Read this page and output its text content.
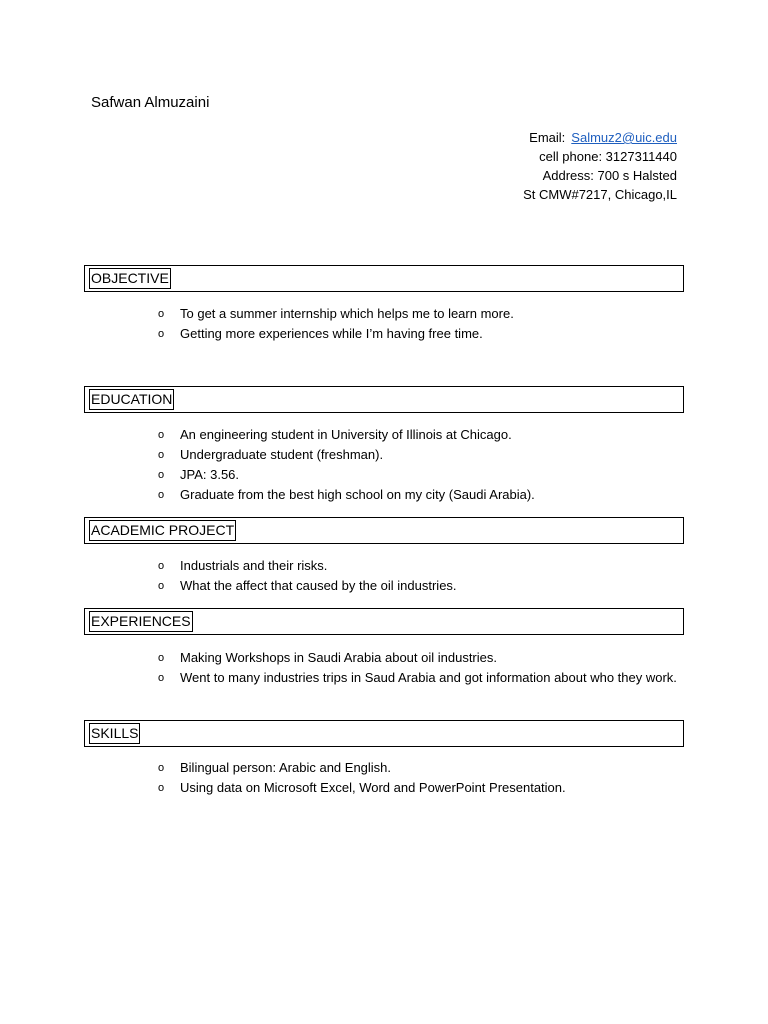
Safwan Almuzaini
Email: Salmuz2@uic.edu
cell phone: 3127311440
Address: 700 s Halsted
St CMW#7217, Chicago,IL
OBJECTIVE
o To get a summer internship which helps me to learn more.
o Getting more experiences while I’m having free time.
EDUCATION
o An engineering student in University of Illinois at Chicago.
o Undergraduate student (freshman).
o JPA: 3.56.
o Graduate from the best high school on my city (Saudi Arabia).
ACADEMIC PROJECT
o Industrials and their risks.
o What the affect that caused by the oil industries.
EXPERIENCES
o Making Workshops in Saudi Arabia about oil industries.
o Went to many industries trips in Saud Arabia and got information about who they work.
SKILLS
o Bilingual person: Arabic and English.
o Using data on Microsoft Excel, Word and PowerPoint Presentation.
